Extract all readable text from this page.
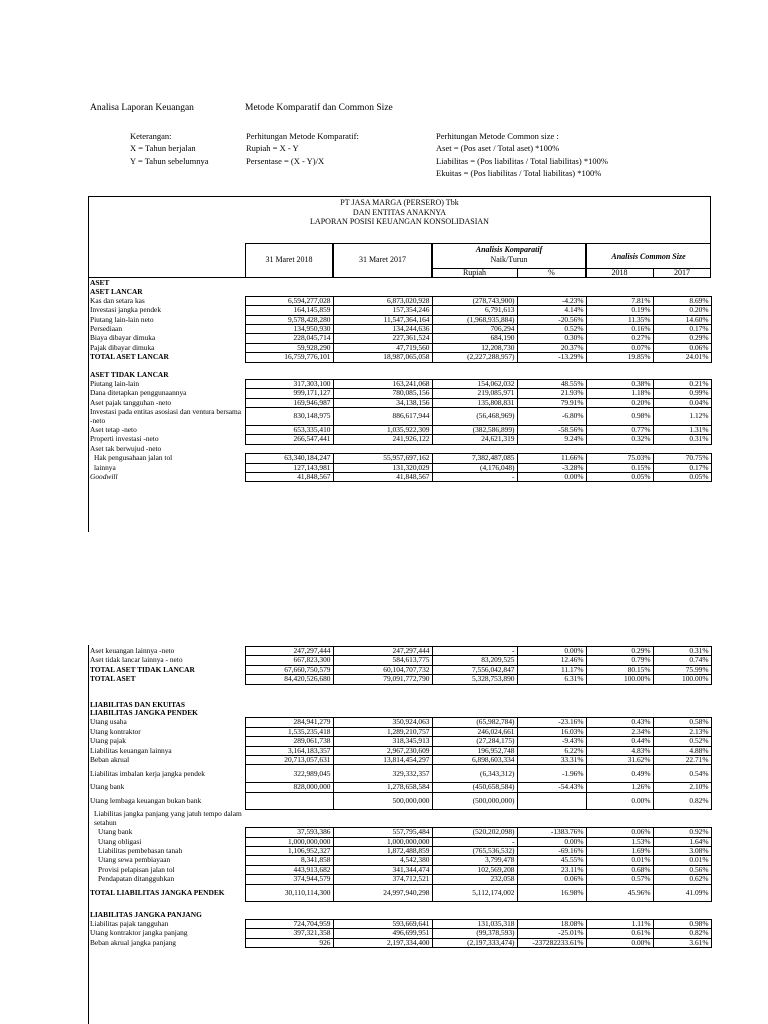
Analisa Laporan Keuangan	Metode Komparatif dan Common Size
Keterangan:
X = Tahun berjalan
Y = Tahun sebelumnya
Perhitungan Metode Komparatif:
Rupiah = X - Y
Persentase = (X - Y)/X
Perhitungan Metode Common size :
Aset = (Pos aset / Total aset) *100%
Liabilitas = (Pos liabilitas / Total liabilitas) *100%
Ekuitas = (Pos liabilitas / Total liabilitas) *100%
PT JASA MARGA (PERSERO) Tbk
DAN ENTITAS ANAKNYA
LAPORAN POSISI KEUANGAN KONSOLIDASIAN
31 Maret 2018	31 Maret 2017
Analisis Komparatif
Naik/Turun
Rupiah	%
Analisis Common Size
2018	2017
ASET						
ASET LANCAR						
Kas dan setara kas	6,594,277,028	6,873,020,928	(278,743,900)	-4.23%	7.81%	8.69%
Investasi jangka pendek	164,145,859	157,354,246	6,791,613	4.14%	0.19%	0.20%
Piutang lain-lain neto	9,578,428,280	11,547,364,164	(1,968,935,884)	-20.56%	11.35%	14.60%
Persediaan	134,950,930	134,244,636	706,294	0.52%	0.16%	0.17%
Biaya dibayar dimuka	228,045,714	227,361,524	684,190	0.30%	0.27%	0.29%
Pajak dibayar dimuka	59,928,290	47,719,560	12,208,730	20.37%	0.07%	0.06%
TOTAL ASET LANCAR	16,759,776,101	18,987,065,058	(2,227,288,957)	-13.29%	19.85%	24.01%

ASET TIDAK LANCAR						
Piutang lain-lain	317,303,100	163,241,068	154,062,032	48.55%	0.38%	0.21%
Dana ditetapkan penggunaannya	999,171,127	780,085,156	219,085,971	21.93%	1.18%	0.99%
Aset pajak tangguhan -neto	169,946,987	34,138,156	135,808,831	79.91%	0.20%	0.04%
Investasi pada entitas asosiasi dan ventura bersama -neto	830,148,975	886,617,944	(56,468,969)	-6.80%	0.98%	1.12%
Aset tetap -neto	653,335,410	1,035,922,309	(382,586,899)	-58.56%	0.77%	1.31%
Properti investasi -neto	266,547,441	241,926,122	24,621,319	9.24%	0.32%	0.31%
Aset tak berwujud -neto						
Hak pengusahaan jalan tol	63,340,184,247	55,957,697,162	7,382,487,085	11.66%	75.03%	70.75%
lainnya	127,143,981	131,320,029	(4,176,048)	-3.28%	0.15%	0.17%
Goodwill	41,848,567	41,848,567	-	0.00%	0.05%	0.05%
Aset keuangan lainnya -neto	247,297,444	247,297,444	-	0.00%	0.29%	0.31%
Aset tidak lancar lainnya - neto	667,823,300	584,613,775	83,209,525	12.46%	0.79%	0.74%
TOTAL ASET TIDAK LANCAR	67,660,750,579	60,104,707,732	7,556,042,847	11.17%	80.15%	75.99%
TOTAL ASET	84,420,526,680	79,091,772,790	5,328,753,890	6.31%	100.00%	100.00%

LIABILITAS DAN EKUITAS						
LIABILITAS JANGKA PENDEK						
Utang usaha	284,941,279	350,924,063	(65,982,784)	-23.16%	0.43%	0.58%
Utang kontraktor	1,535,235,418	1,289,210,757	246,024,661	16.03%	2.34%	2.13%
Utang pajak	289,061,738	318,345,913	(27,284,175)	-9.43%	0.44%	0.52%
Liabilitas keuangan lainnya	3,164,183,357	2,967,230,609	196,952,748	6.22%	4.83%	4.88%
Beban akrual	20,713,057,631	13,814,454,297	6,898,603,334	33.31%	31.62%	22.71%
Liabilitas imbalan kerja jangka pendek	322,989,045	329,332,357	(6,343,312)	-1.96%	0.49%	0.54%
Utang bank	828,000,000	1,278,658,584	(450,658,584)	-54.43%	1.26%	2.10%
Utang lembaga keuangan bukan bank		500,000,000	(500,000,000)		0.00%	0.82%
Liabilitas jangka panjang yang jatuh tempo dalam setahun						
Utang bank	37,593,386	557,795,484	(520,202,098)	-1383.76%	0.06%	0.92%
Utang obligasi	1,000,000,000	1,000,000,000	-	0.00%	1.53%	1.64%
Liabilitas pembebasan tanah	1,106,952,327	1,872,488,859	(765,536,532)	-69.16%	1.69%	3.08%
Utang sewa pembiayaan	8,341,858	4,542,380	3,799,478	45.55%	0.01%	0.01%
Provisi pelapisan jalan tol	443,913,682	341,344,474	102,569,208	23.11%	0.68%	0.56%
Pendapatan ditangguhkan	374,944,579	374,712,521	232,058	0.06%	0.57%	0.62%
TOTAL LIABILITAS JANGKA PENDEK	30,110,114,300	24,997,940,298	5,112,174,002	16.98%	45.96%	41.09%

LIABILITAS JANGKA PANJANG						
Liabilitas pajak tangguhan	724,704,959	593,669,641	131,035,318	18.08%	1.11%	0.98%
Utang kontraktor jangka panjang	397,321,358	496,699,951	(99,378,593)	-25.01%	0.61%	0.82%
Beban akrual jangka panjang	926	2,197,334,400	(2,197,333,474)	-237282233.61%	0.00%	3.61%
